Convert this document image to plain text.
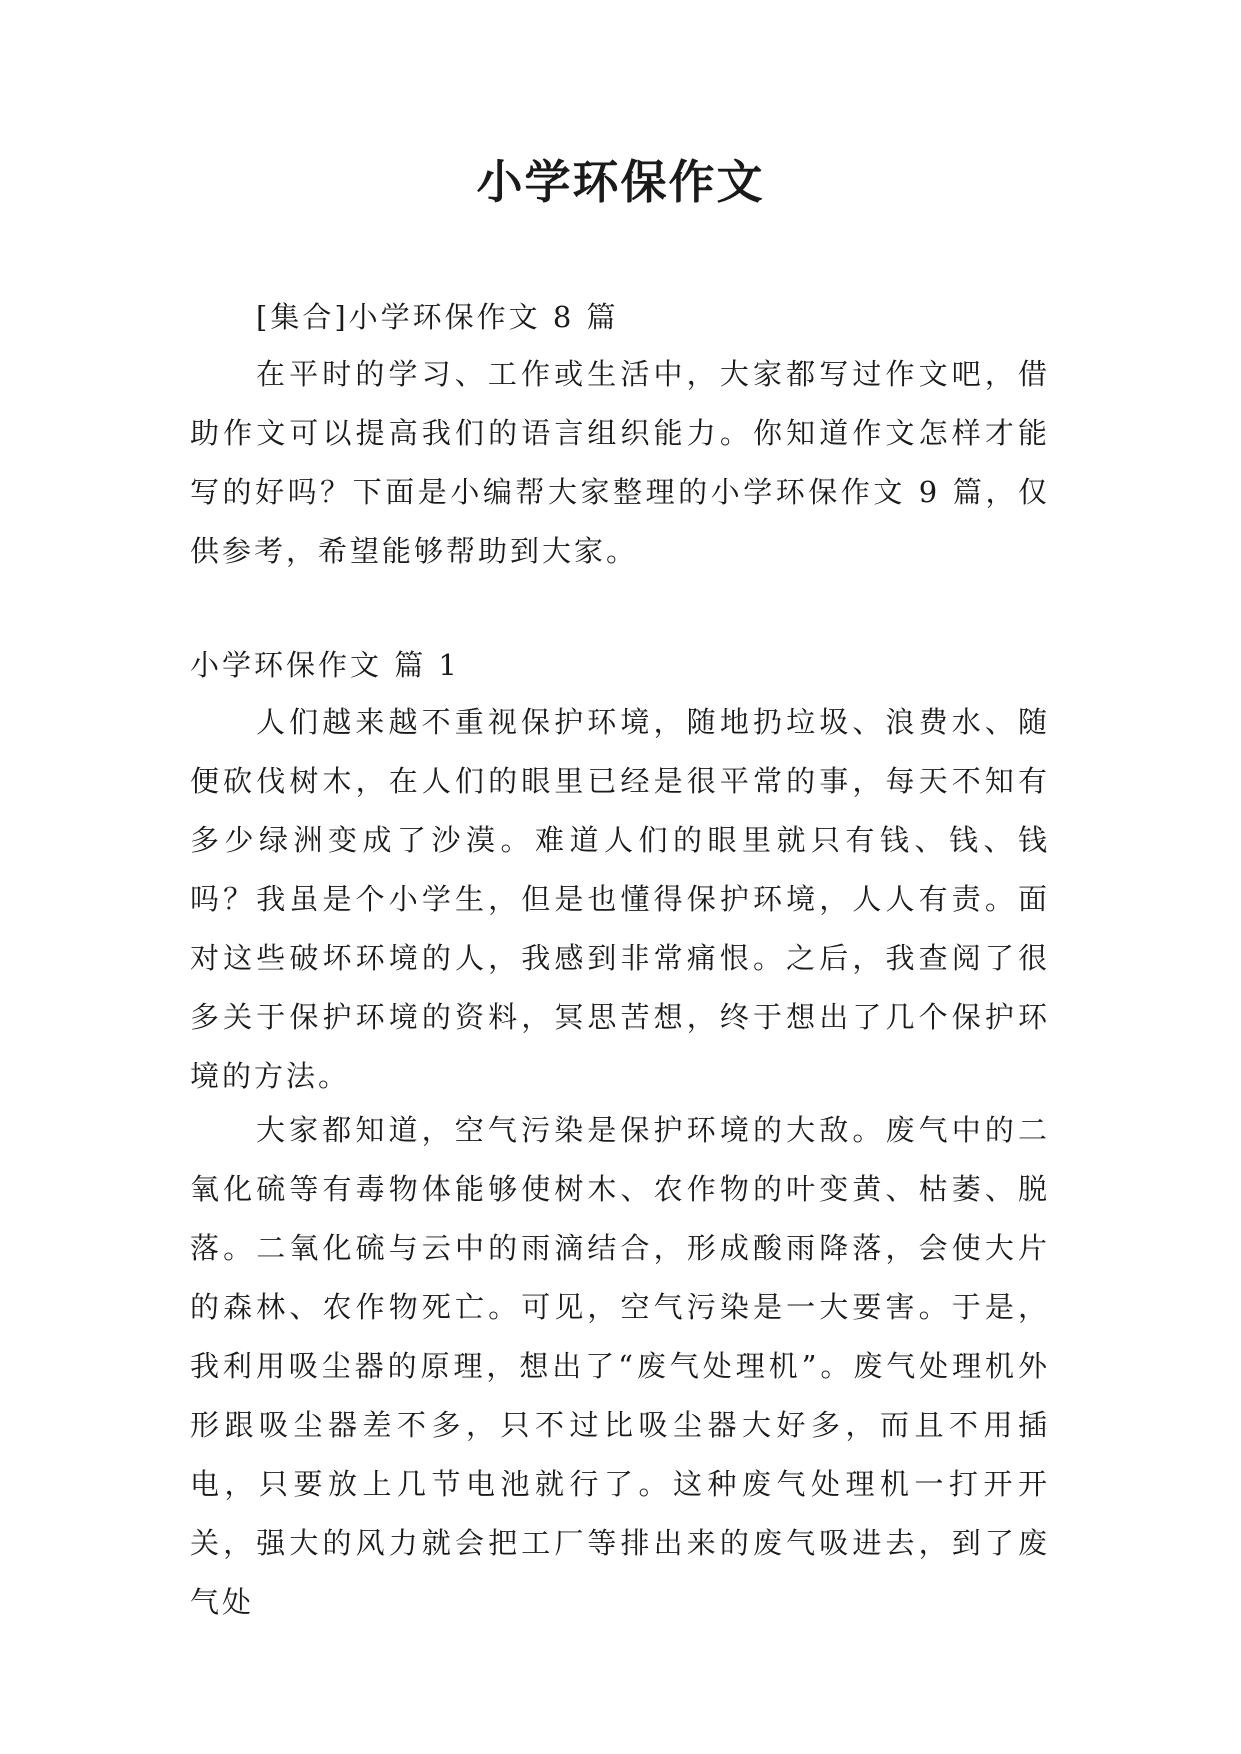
小学环保作文
[集合]小学环保作文 8 篇
在平时的学习、工作或生活中，大家都写过作文吧，借助作文可以提高我们的语言组织能力。你知道作文怎样才能写的好吗？下面是小编帮大家整理的小学环保作文 9 篇，仅供参考，希望能够帮助到大家。
小学环保作文 篇 1
人们越来越不重视保护环境，随地扔垃圾、浪费水、随便砍伐树木，在人们的眼里已经是很平常的事，每天不知有多少绿洲变成了沙漠。难道人们的眼里就只有钱、钱、钱吗？我虽是个小学生，但是也懂得保护环境，人人有责。面对这些破坏环境的人，我感到非常痛恨。之后，我查阅了很多关于保护环境的资料，冥思苦想，终于想出了几个保护环境的方法。
大家都知道，空气污染是保护环境的大敌。废气中的二氧化硫等有毒物体能够使树木、农作物的叶变黄、枯萎、脱落。二氧化硫与云中的雨滴结合，形成酸雨降落，会使大片的森林、农作物死亡。可见，空气污染是一大要害。于是，我利用吸尘器的原理，想出了“废气处理机”。废气处理机外形跟吸尘器差不多，只不过比吸尘器大好多，而且不用插电，只要放上几节电池就行了。这种废气处理机一打开开关，强大的风力就会把工厂等排出来的废气吸进去，到了废气处
